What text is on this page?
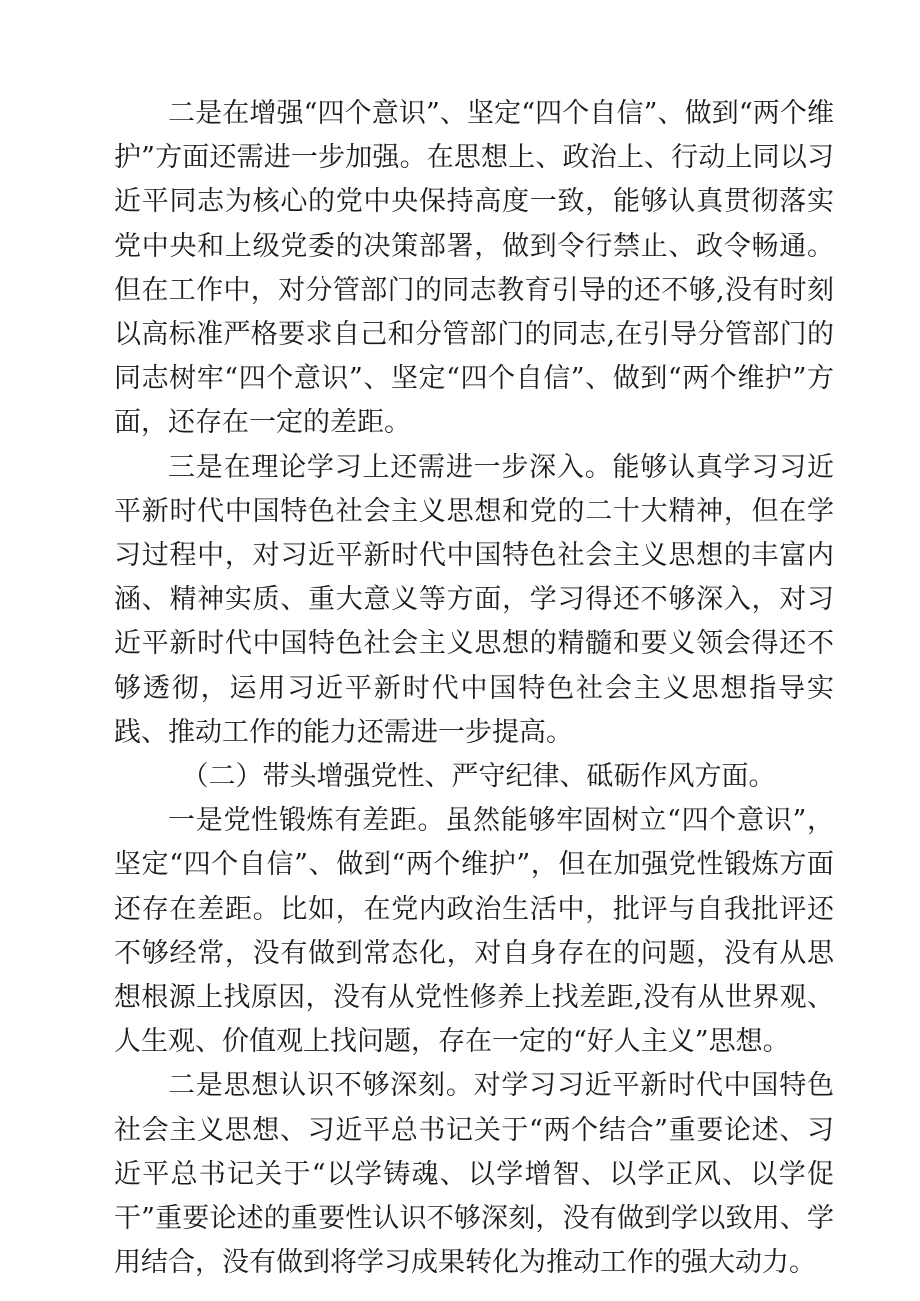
二是在增强“四个意识”、坚定“四个自信”、做到“两个维护”方面还需进一步加强。在思想上、政治上、行动上同以习近平同志为核心的党中央保持高度一致，能够认真贯彻落实党中央和上级党委的决策部署，做到令行禁止、政令畅通。但在工作中，对分管部门的同志教育引导的还不够,没有时刻以高标准严格要求自己和分管部门的同志,在引导分管部门的同志树牢“四个意识”、坚定“四个自信”、做到“两个维护”方面，还存在一定的差距。

三是在理论学习上还需进一步深入。能够认真学习习近平新时代中国特色社会主义思想和党的二十大精神，但在学习过程中，对习近平新时代中国特色社会主义思想的丰富内涵、精神实质、重大意义等方面，学习得还不够深入，对习近平新时代中国特色社会主义思想的精髓和要义领会得还不够透彻，运用习近平新时代中国特色社会主义思想指导实践、推动工作的能力还需进一步提高。

（二）带头增强党性、严守纪律、砥砺作风方面。

一是党性锻炼有差距。虽然能够牢固树立“四个意识”，坚定“四个自信”、做到“两个维护”，但在加强党性锻炼方面还存在差距。比如，在党内政治生活中，批评与自我批评还不够经常，没有做到常态化，对自身存在的问题，没有从思想根源上找原因，没有从党性修养上找差距,没有从世界观、人生观、价值观上找问题，存在一定的“好人主义”思想。

二是思想认识不够深刻。对学习习近平新时代中国特色社会主义思想、习近平总书记关于“两个结合”重要论述、习近平总书记关于“以学铸魂、以学增智、以学正风、以学促干”重要论述的重要性认识不够深刻，没有做到学以致用、学用结合，没有做到将学习成果转化为推动工作的强大动力。
